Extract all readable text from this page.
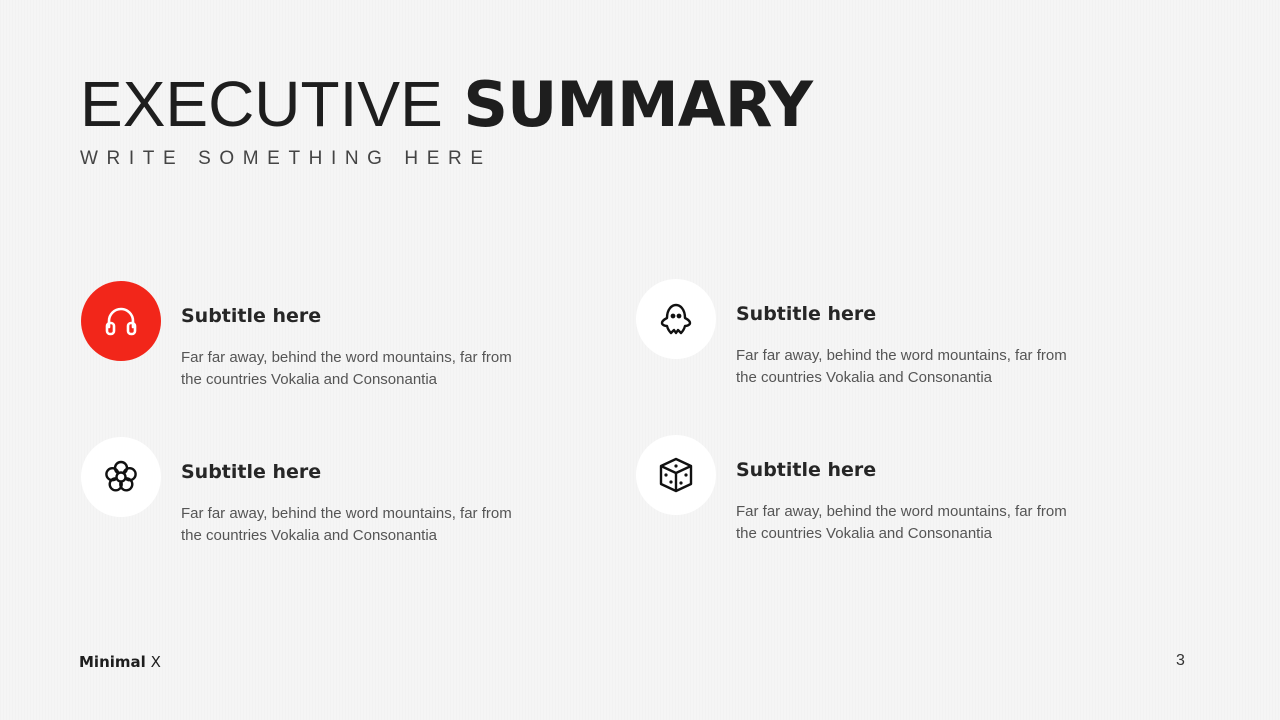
EXECUTIVE SUMMARY
WRITE SOMETHING HERE
Subtitle here
Far far away, behind the word mountains, far from the countries Vokalia and Consonantia
Subtitle here
Far far away, behind the word mountains, far from the countries Vokalia and Consonantia
Subtitle here
Far far away, behind the word mountains, far from the countries Vokalia and Consonantia
Subtitle here
Far far away, behind the word mountains, far from the countries Vokalia and Consonantia
Minimal X	3
